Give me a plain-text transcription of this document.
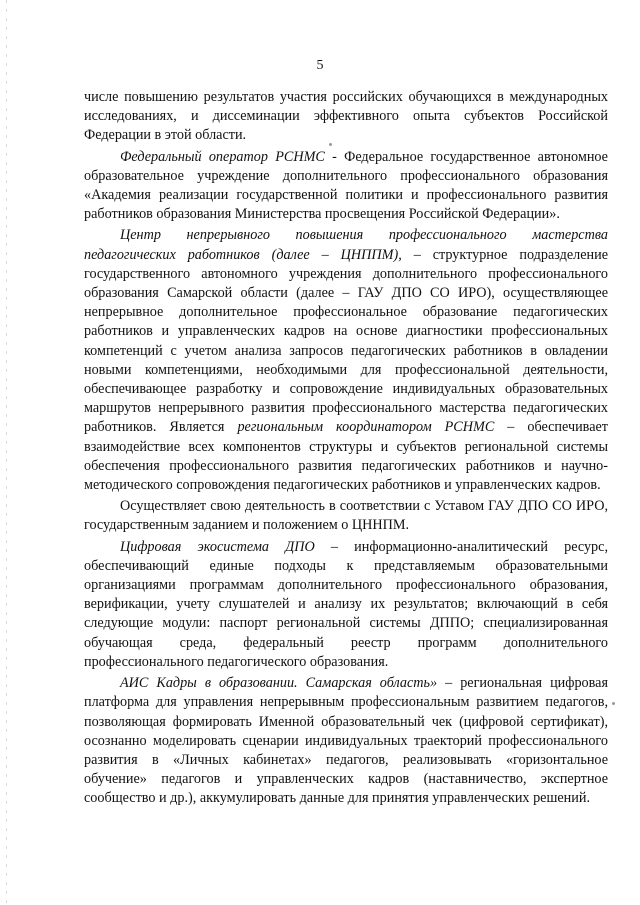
5

числе повышению результатов участия российских обучающихся в международных исследованиях, и диссеминации эффективного опыта субъектов Российской Федерации в этой области.

Федеральный оператор РСНМС - Федеральное государственное автономное образовательное учреждение дополнительного профессионального образования «Академия реализации государственной политики и профессионального развития работников образования Министерства просвещения Российской Федерации».

Центр непрерывного повышения профессионального мастерства педагогических работников (далее – ЦНППМ), – структурное подразделение государственного автономного учреждения дополнительного профессионального образования Самарской области (далее – ГАУ ДПО СО ИРО), осуществляющее непрерывное дополнительное профессиональное образование педагогических работников и управленческих кадров на основе диагностики профессиональных компетенций с учетом анализа запросов педагогических работников в овладении новыми компетенциями, необходимыми для профессиональной деятельности, обеспечивающее разработку и сопровождение индивидуальных образовательных маршрутов непрерывного развития профессионального мастерства педагогических работников. Является региональным координатором РСНМС – обеспечивает взаимодействие всех компонентов структуры и субъектов региональной системы обеспечения профессионального развития педагогических работников и научно-методического сопровождения педагогических работников и управленческих кадров.

Осуществляет свою деятельность в соответствии с Уставом ГАУ ДПО СО ИРО, государственным заданием и положением о ЦННПМ.

Цифровая экосистема ДПО – информационно-аналитический ресурс, обеспечивающий единые подходы к представляемым образовательными организациями программам дополнительного профессионального образования, верификации, учету слушателей и анализу их результатов; включающий в себя следующие модули: паспорт региональной системы ДППО; специализированная обучающая среда, федеральный реестр программ дополнительного профессионального педагогического образования.

АИС Кадры в образовании. Самарская область» – региональная цифровая платформа для управления непрерывным профессиональным развитием педагогов, позволяющая формировать Именной образовательный чек (цифровой сертификат), осознанно моделировать сценарии индивидуальных траекторий профессионального развития в «Личных кабинетах» педагогов, реализовывать «горизонтальное обучение» педагогов и управленческих кадров (наставничество, экспертное сообщество и др.), аккумулировать данные для принятия управленческих решений.
